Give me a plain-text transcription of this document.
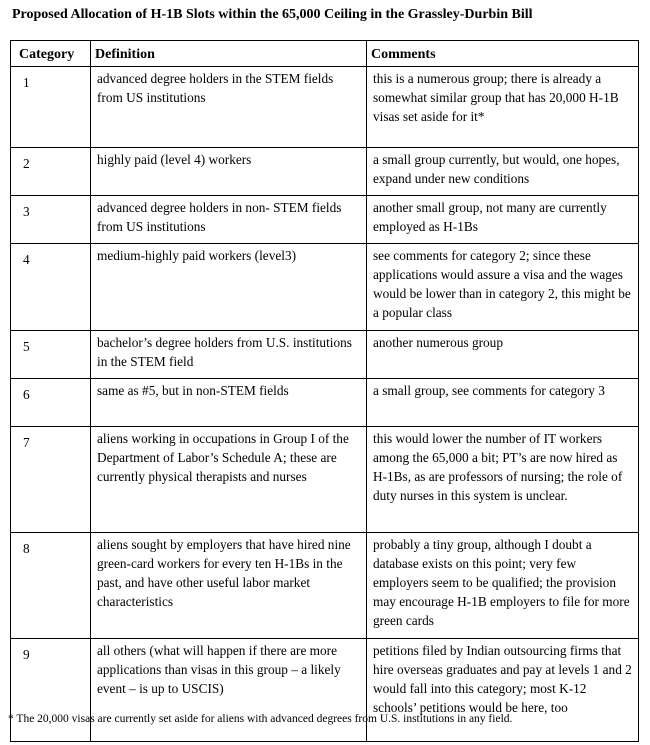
Proposed Allocation of H-1B Slots within the 65,000 Ceiling in the Grassley-Durbin Bill
Category	Definition	Comments
1	advanced degree holders in the STEM fields from US institutions	this is a numerous group; there is already a somewhat similar group that has 20,000 H-1B visas set aside for it*
2	highly paid (level 4) workers	a small group currently, but would, one hopes, expand under new conditions
3	advanced degree holders in non- STEM fields from US institutions	another small group, not many are currently employed as H-1Bs
4	medium-highly paid workers (level3)	see comments for category 2; since these applications would assure a visa and the wages would be lower than in category 2, this might be a popular class
5	bachelor’s degree holders from U.S. institutions in the STEM field	another numerous group
6	same as #5, but in non-STEM fields	a small group, see comments for category 3
7	aliens working in occupations in Group I of the Department of Labor’s Schedule A; these are currently physical therapists and nurses	this would lower the number of IT workers among the 65,000 a bit; PT’s are now hired as H-1Bs, as are professors of nursing; the role of duty nurses in this system is unclear.
8	aliens sought by employers that have hired nine green-card workers for every ten H-1Bs in the past, and have other useful labor market characteristics	probably a tiny group, although I doubt a database exists on this point; very few employers seem to be qualified; the provision may encourage H-1B employers to file for more green cards
9	all others (what will happen if there are more applications than visas in this group – a likely event – is up to USCIS)	petitions filed by Indian outsourcing firms that hire overseas graduates and pay at levels 1 and 2 would fall into this category; most K-12 schools’ petitions would be here, too
* The 20,000 visas are currently set aside for aliens with advanced degrees from U.S. institutions in any field.
